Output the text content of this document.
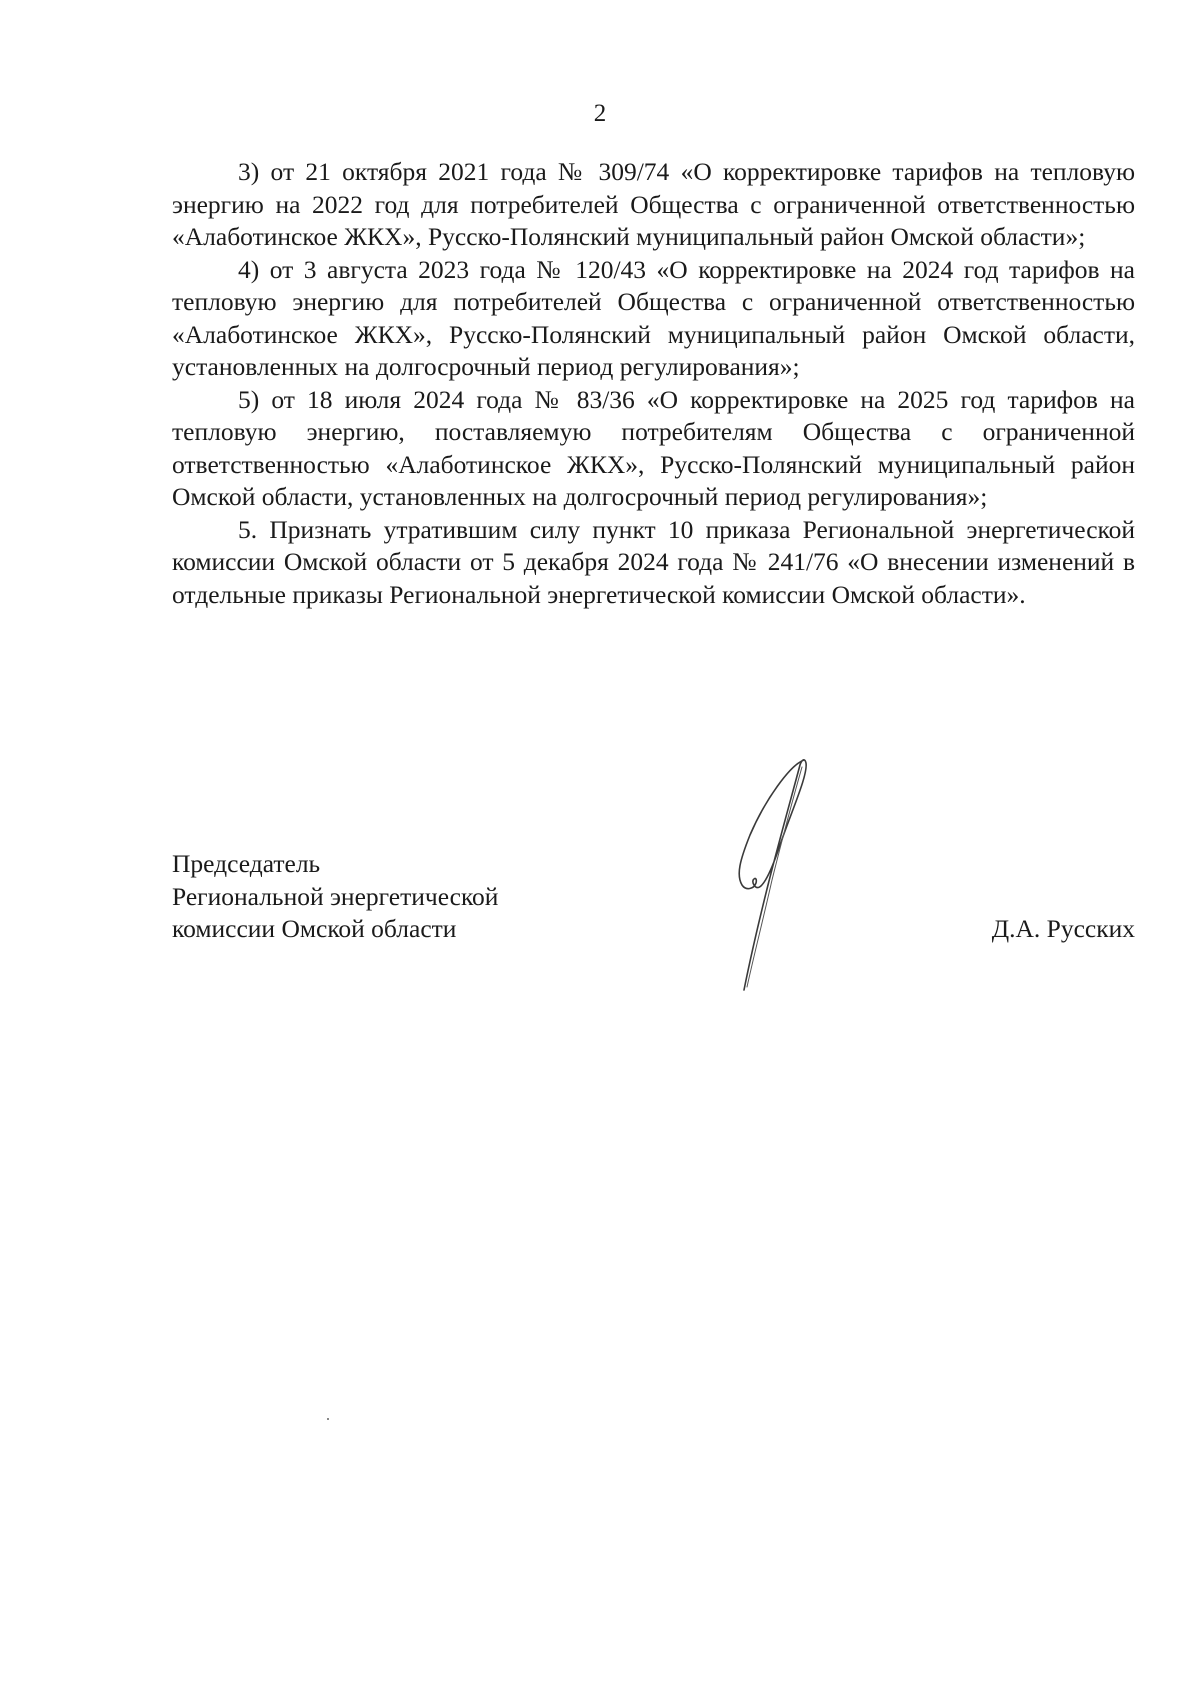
2

3) от 21 октября 2021 года № 309/74 «О корректировке тарифов на тепловую энергию на 2022 год для потребителей Общества с ограниченной ответственностью «Алаботинское ЖКХ», Русско-Полянский муниципальный район Омской области»;

4) от 3 августа 2023 года № 120/43 «О корректировке на 2024 год тарифов на тепловую энергию для потребителей Общества с ограниченной ответственностью «Алаботинское ЖКХ», Русско-Полянский муниципальный район Омской области, установленных на долгосрочный период регулирования»;

5) от 18 июля 2024 года № 83/36 «О корректировке на 2025 год тарифов на тепловую энергию, поставляемую потребителям Общества с ограниченной ответственностью «Алаботинское ЖКХ», Русско-Полянский муниципальный район Омской области, установленных на долгосрочный период регулирования»;

5. Признать утратившим силу пункт 10 приказа Региональной энергетической комиссии Омской области от 5 декабря 2024 года № 241/76 «О внесении изменений в отдельные приказы Региональной энергетической комиссии Омской области».

Председатель
Региональной энергетической
комиссии Омской области	Д.А. Русских
